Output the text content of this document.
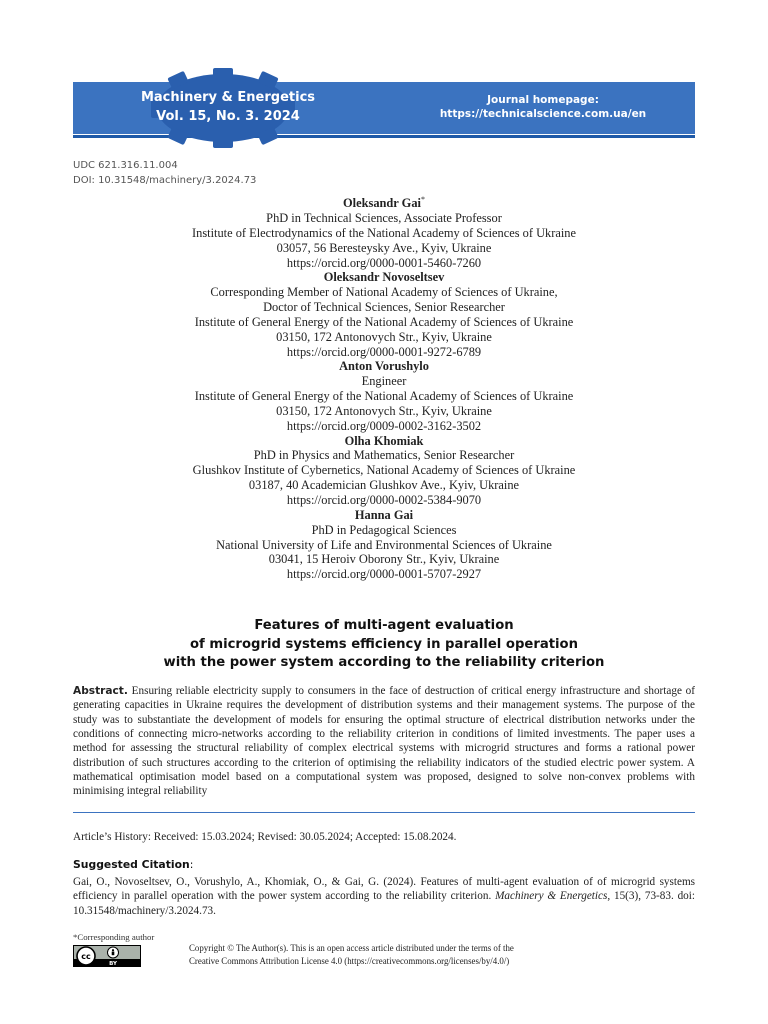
Machinery & Energetics
Vol. 15, No. 3. 2024
Journal homepage:
https://technicalscience.com.ua/en
UDC 621.316.11.004
DOI: 10.31548/machinery/3.2024.73
Oleksandr Gai*
PhD in Technical Sciences, Associate Professor
Institute of Electrodynamics of the National Academy of Sciences of Ukraine
03057, 56 Beresteysky Ave., Kyiv, Ukraine
https://orcid.org/0000-0001-5460-7260
Oleksandr Novoseltsev
Corresponding Member of National Academy of Sciences of Ukraine,
Doctor of Technical Sciences, Senior Researcher
Institute of General Energy of the National Academy of Sciences of Ukraine
03150, 172 Antonovych Str., Kyiv, Ukraine
https://orcid.org/0000-0001-9272-6789
Anton Vorushylo
Engineer
Institute of General Energy of the National Academy of Sciences of Ukraine
03150, 172 Antonovych Str., Kyiv, Ukraine
https://orcid.org/0009-0002-3162-3502
Olha Khomiak
PhD in Physics and Mathematics, Senior Researcher
Glushkov Institute of Cybernetics, National Academy of Sciences of Ukraine
03187, 40 Academician Glushkov Ave., Kyiv, Ukraine
https://orcid.org/0000-0002-5384-9070
Hanna Gai
PhD in Pedagogical Sciences
National University of Life and Environmental Sciences of Ukraine
03041, 15 Heroiv Oborony Str., Kyiv, Ukraine
https://orcid.org/0000-0001-5707-2927
Features of multi-agent evaluation
of microgrid systems efficiency in parallel operation
with the power system according to the reliability criterion
Abstract. Ensuring reliable electricity supply to consumers in the face of destruction of critical energy infrastructure and shortage of generating capacities in Ukraine requires the development of distribution systems and their management systems. The purpose of the study was to substantiate the development of models for ensuring the optimal structure of electrical distribution networks under the conditions of connecting micro-networks according to the reliability criterion in conditions of limited investments. The paper uses a method for assessing the structural reliability of complex electrical systems with microgrid structures and forms a rational power distribution of such structures according to the criterion of optimising the reliability indicators of the studied electric power system. A mathematical optimisation model based on a computational system was proposed, designed to solve non-convex problems with minimising integral reliability
Article’s History: Received: 15.03.2024; Revised: 30.05.2024; Accepted: 15.08.2024.
Suggested Citation:
Gai, O., Novoseltsev, O., Vorushylo, A., Khomiak, O., & Gai, G. (2024). Features of multi-agent evaluation of of microgrid systems efficiency in parallel operation with the power system according to the reliability criterion. Machinery & Energetics, 15(3), 73-83. doi: 10.31548/machinery/3.2024.73.
*Corresponding author
cc
BY
Copyright © The Author(s). This is an open access article distributed under the terms of the
Creative Commons Attribution License 4.0 (https://creativecommons.org/licenses/by/4.0/)
